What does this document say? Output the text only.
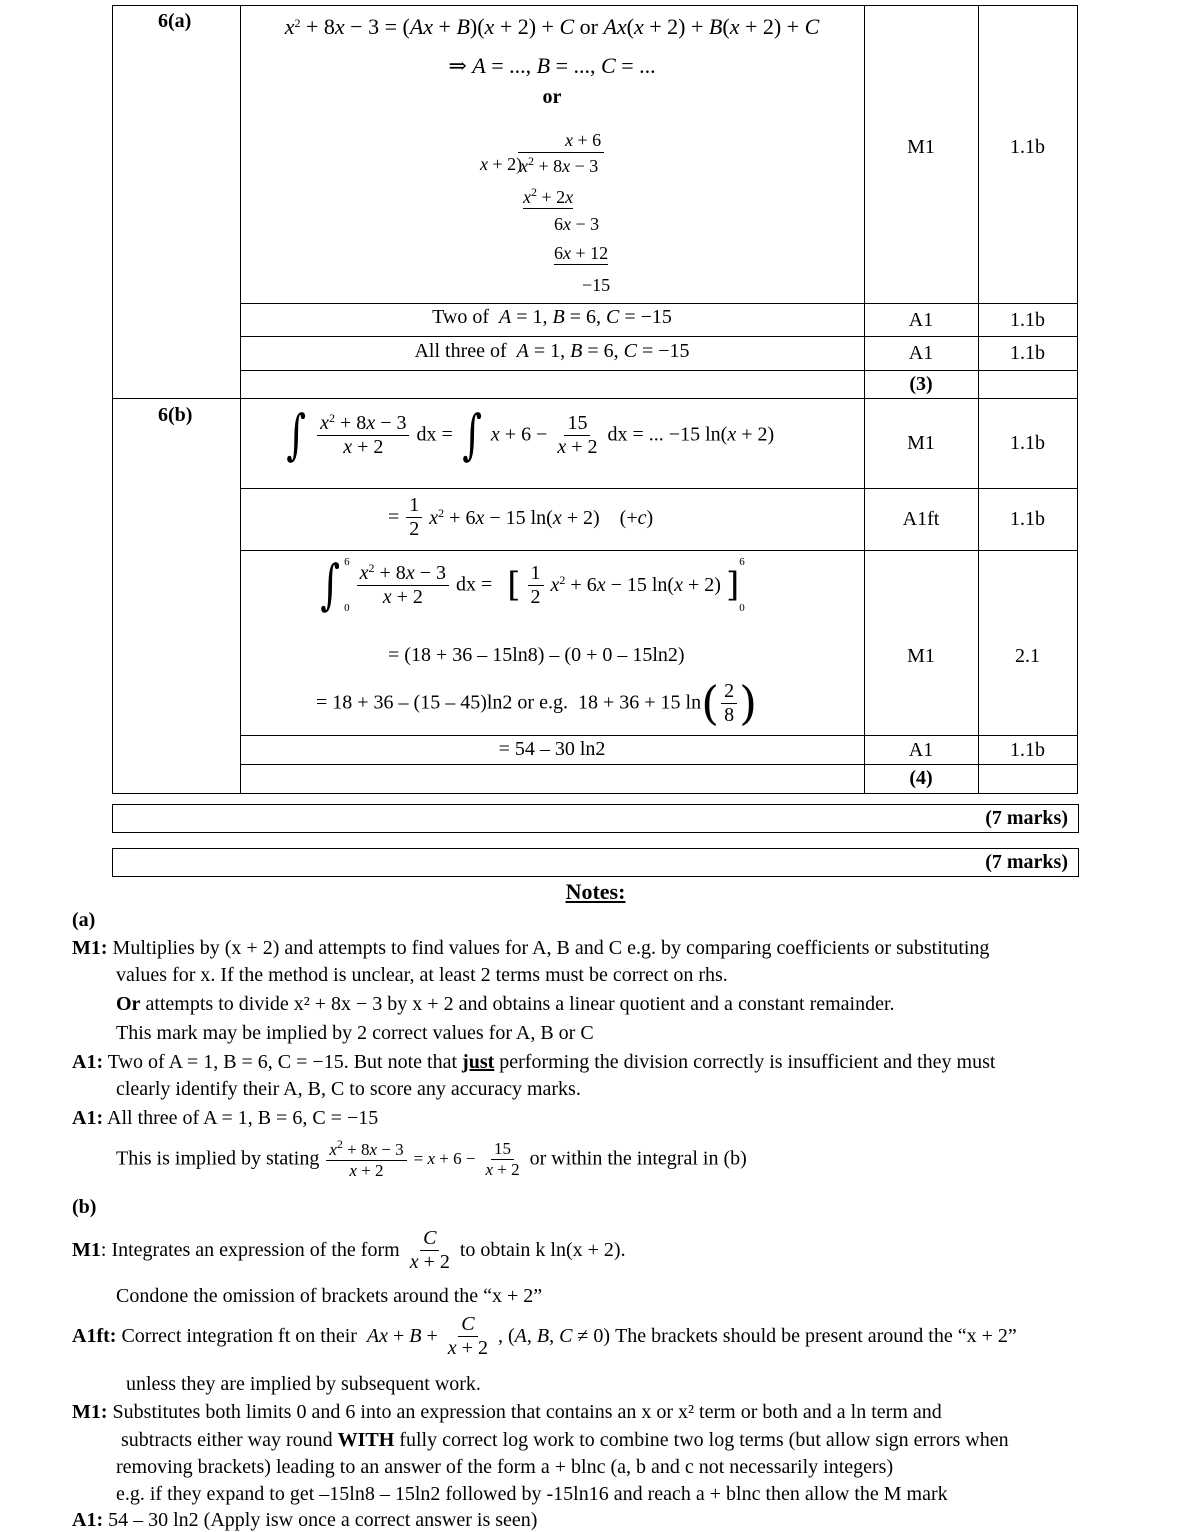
6(a)
6(b)
$x^2 + 8x - 3 = (Ax + B)(x + 2) + C$ or Ax(x + 2) + B(x + 2) + C
⇒ A = ..., B = ..., C = ...
or
x + 6
x + 2)
$x^2 + 8x - 3$
$x^2 + 2x$
6x − 3
6x + 12
−15
Two of  A = 1, B = 6, C = −15
All three of  A = 1, B = 6, C = −15
∫ $\frac{x^2 + 8x - 3}{x + 2}$ dx = ∫ $x + 6 - \frac{15}{x + 2}$ dx = ... −15 ln(x + 2)
= $\frac{1}{2} x^2 + 6x - 15$ ln(x + 2)    (+c)
∫ 6
0
$\frac{x^2 + 8x - 3}{x + 2}$ dx =   [ $\frac{1}{2} x^2 + 6x - 15$ ln(x + 2) ]
6
0
= (18 + 36 – 15ln8) – (0 + 0 – 15ln2)
= 18 + 36 – (15 – 45)ln2 or e.g.  18 + 36 + 15 $\ln( \frac{2}{8}$ )
= 54 – 30 ln2
M1
A1
A1
(3)
M1
A1ft
M1
A1
(4)
1.1b
1.1b
1.1b
1.1b
1.1b
2.1
1.1b
(7 marks)
(7 marks)
Notes:
(a)
M1: Multiplies by (x + 2) and attempts to find values for A, B and C e.g. by comparing coefficients or substituting
values for x. If the method is unclear, at least 2 terms must be correct on rhs.
Or attempts to divide x² + 8x − 3 by x + 2 and obtains a linear quotient and a constant remainder.
This mark may be implied by 2 correct values for A, B or C
A1: Two of A = 1, B = 6, C = −15. But note that just performing the division correctly is insufficient and they must
clearly identify their A, B, C to score any accuracy marks.
A1: All three of A = 1, B = 6, C = −15
This is implied by stating $\frac{x^2 + 8x - 3}{x + 2} = x + 6 - \frac{15}{x + 2}$ or within the integral in (b)
(b)
M1: Integrates an expression of the form $\frac{C}{x + 2}$ to obtain k ln(x + 2).
Condone the omission of brackets around the “x + 2”
A1ft: Correct integration ft on their $Ax + B + \frac{C}{x + 2}$ , (A, B, C ≠ 0) The brackets should be present around the “x + 2”
unless they are implied by subsequent work.
M1: Substitutes both limits 0 and 6 into an expression that contains an x or x² term or both and a ln term and
subtracts either way round WITH fully correct log work to combine two log terms (but allow sign errors when
removing brackets) leading to an answer of the form a + blnc (a, b and c not necessarily integers)
e.g. if they expand to get –15ln8 – 15ln2 followed by -15ln16 and reach a + blnc then allow the M mark
A1: 54 – 30 ln2 (Apply isw once a correct answer is seen)
